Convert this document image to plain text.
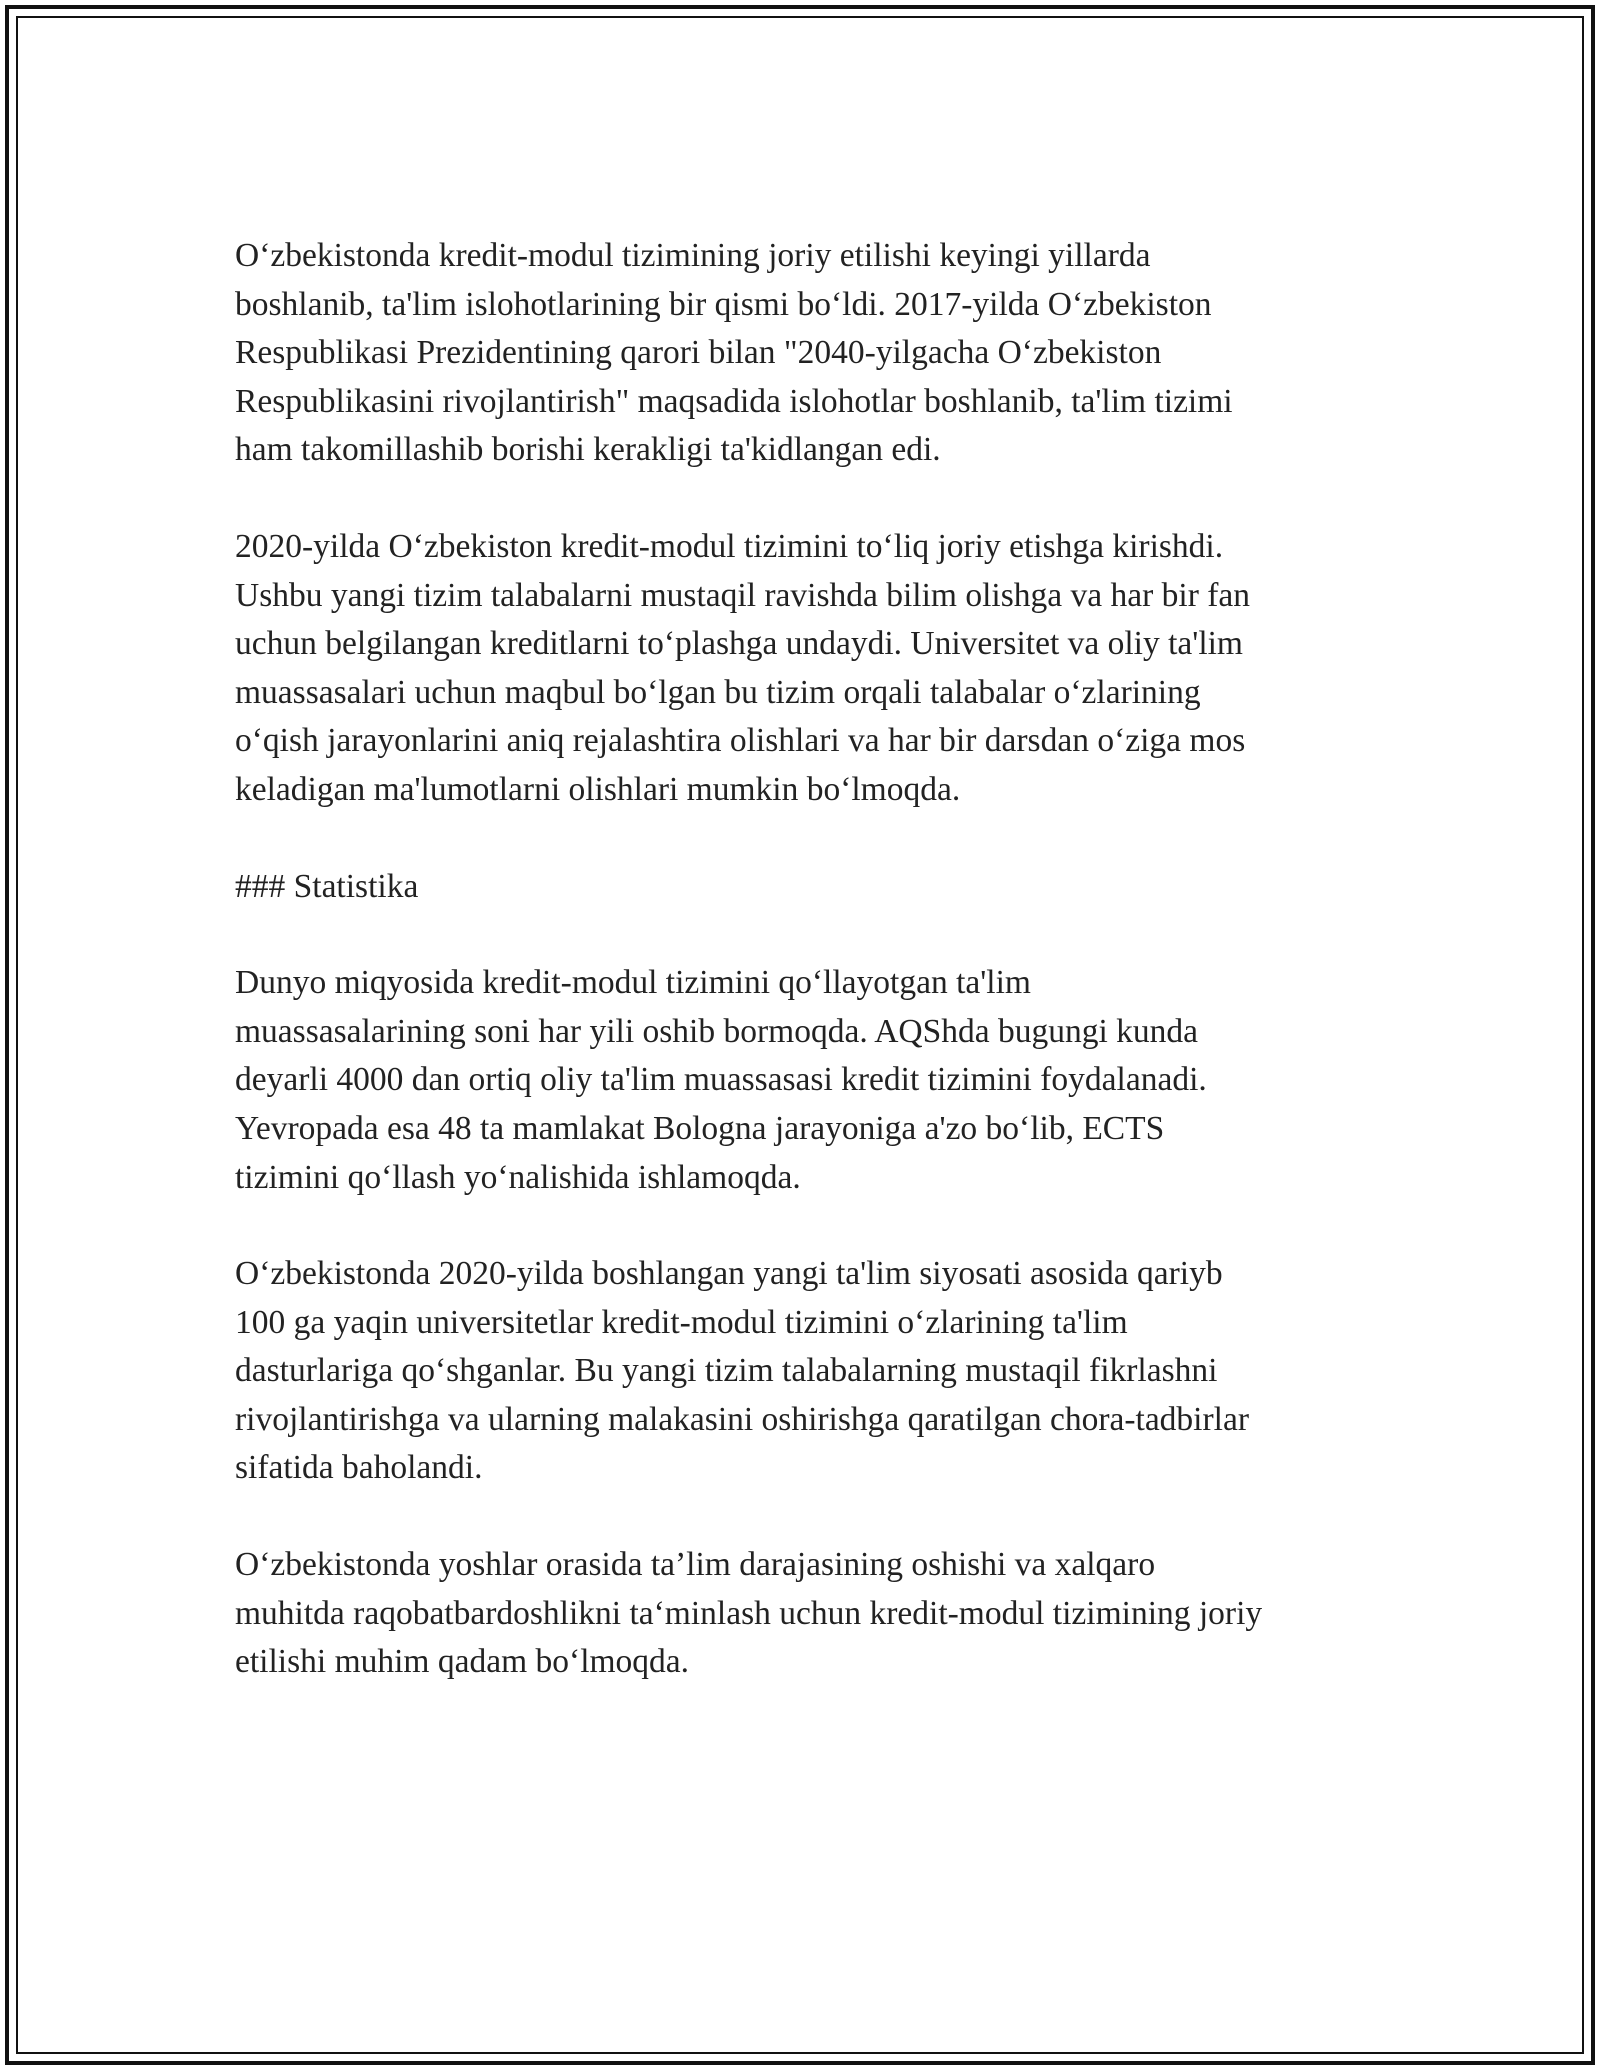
O‘zbekistonda kredit-modul tizimining joriy etilishi keyingi yillarda
boshlanib, ta'lim islohotlarining bir qismi bo‘ldi. 2017-yilda O‘zbekiston
Respublikasi Prezidentining qarori bilan "2040-yilgacha O‘zbekiston
Respublikasini rivojlantirish" maqsadida islohotlar boshlanib, ta'lim tizimi
ham takomillashib borishi kerakligi ta'kidlangan edi.

2020-yilda O‘zbekiston kredit-modul tizimini to‘liq joriy etishga kirishdi.
Ushbu yangi tizim talabalarni mustaqil ravishda bilim olishga va har bir fan
uchun belgilangan kreditlarni to‘plashga undaydi. Universitet va oliy ta'lim
muassasalari uchun maqbul bo‘lgan bu tizim orqali talabalar o‘zlarining
o‘qish jarayonlarini aniq rejalashtira olishlari va har bir darsdan o‘ziga mos
keladigan ma'lumotlarni olishlari mumkin bo‘lmoqda.

### Statistika

Dunyo miqyosida kredit-modul tizimini qo‘llayotgan ta'lim
muassasalarining soni har yili oshib bormoqda. AQShda bugungi kunda
deyarli 4000 dan ortiq oliy ta'lim muassasasi kredit tizimini foydalanadi.
Yevropada esa 48 ta mamlakat Bologna jarayoniga a'zo bo‘lib, ECTS
tizimini qo‘llash yo‘nalishida ishlamoqda.

O‘zbekistonda 2020-yilda boshlangan yangi ta'lim siyosati asosida qariyb
100 ga yaqin universitetlar kredit-modul tizimini o‘zlarining ta'lim
dasturlariga qo‘shganlar. Bu yangi tizim talabalarning mustaqil fikrlashni
rivojlantirishga va ularning malakasini oshirishga qaratilgan chora-tadbirlar
sifatida baholandi.

O‘zbekistonda yoshlar orasida ta’lim darajasining oshishi va xalqaro
muhitda raqobatbardoshlikni ta‘minlash uchun kredit-modul tizimining joriy
etilishi muhim qadam bo‘lmoqda.
